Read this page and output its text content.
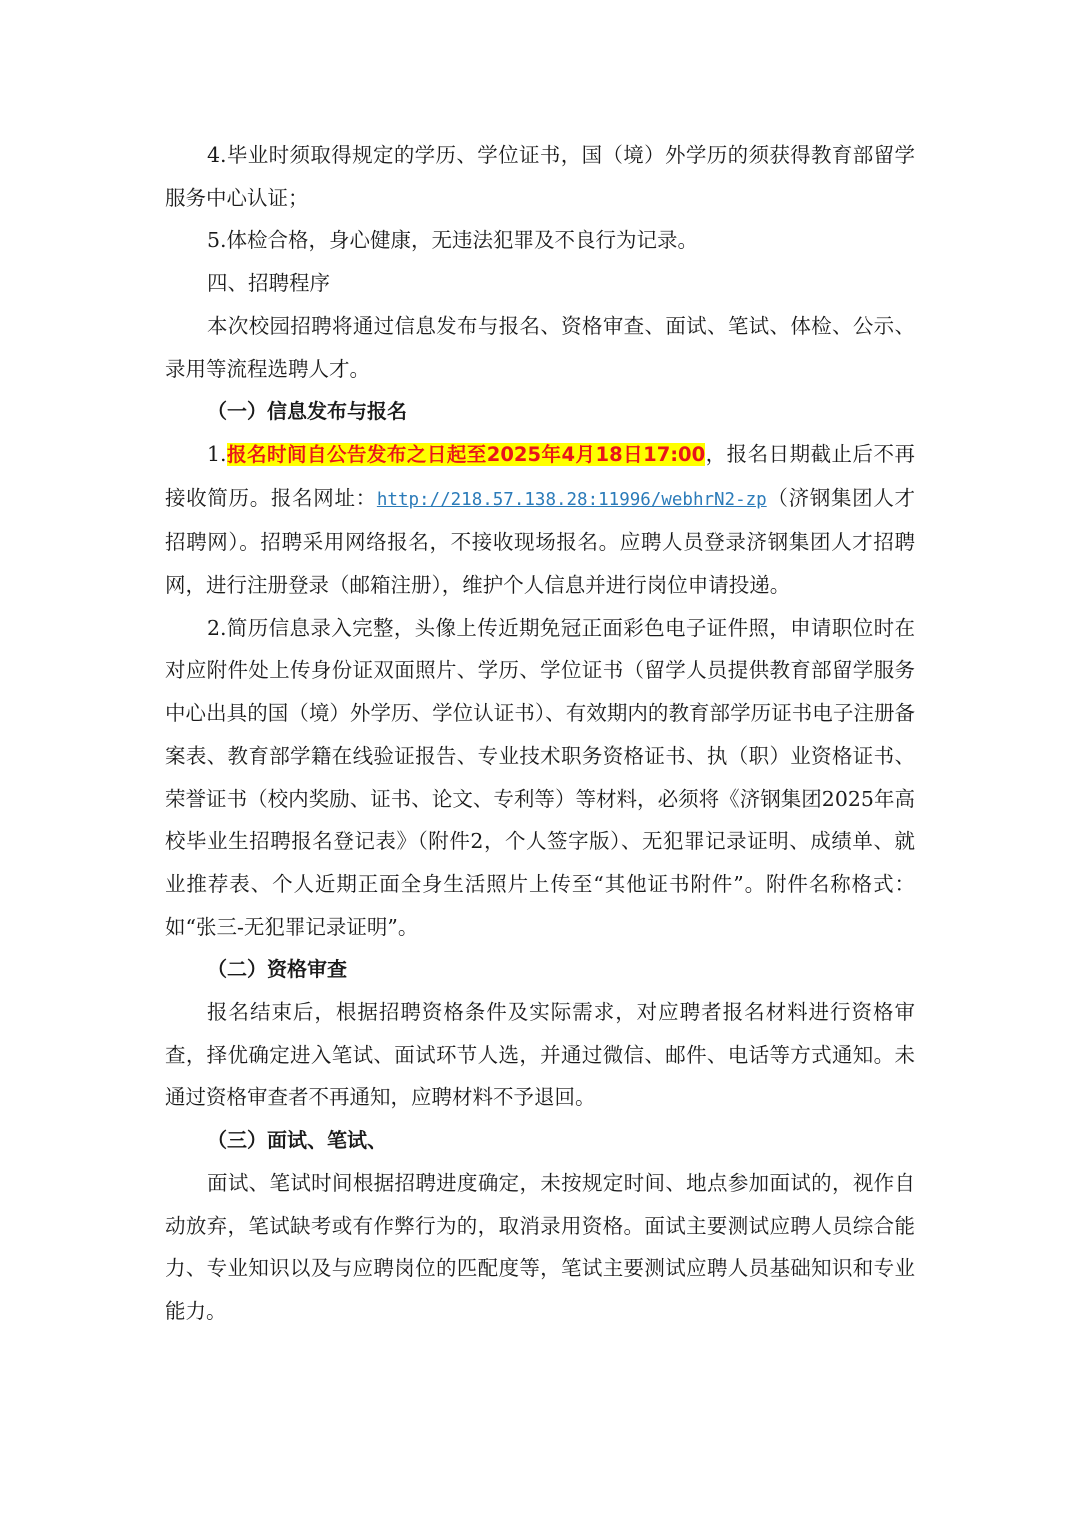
4.毕业时须取得规定的学历、学位证书，国（境）外学历的须获得教育部留学服务中心认证；

5.体检合格，身心健康，无违法犯罪及不良行为记录。

四、招聘程序

本次校园招聘将通过信息发布与报名、资格审查、面试、笔试、体检、公示、录用等流程选聘人才。

（一）信息发布与报名

1.报名时间自公告发布之日起至2025年4月18日17:00，报名日期截止后不再接收简历。报名网址：http://218.57.138.28:11996/webhrN2-zp（济钢集团人才招聘网）。招聘采用网络报名，不接收现场报名。应聘人员登录济钢集团人才招聘网，进行注册登录（邮箱注册），维护个人信息并进行岗位申请投递。

2.简历信息录入完整，头像上传近期免冠正面彩色电子证件照，申请职位时在对应附件处上传身份证双面照片、学历、学位证书（留学人员提供教育部留学服务中心出具的国（境）外学历、学位认证书）、有效期内的教育部学历证书电子注册备案表、教育部学籍在线验证报告、专业技术职务资格证书、执（职）业资格证书、荣誉证书（校内奖励、证书、论文、专利等）等材料，必须将《济钢集团2025年高校毕业生招聘报名登记表》（附件2，个人签字版）、无犯罪记录证明、成绩单、就业推荐表、个人近期正面全身生活照片上传至“其他证书附件”。附件名称格式：如“张三-无犯罪记录证明”。

（二）资格审查

报名结束后，根据招聘资格条件及实际需求，对应聘者报名材料进行资格审查，择优确定进入笔试、面试环节人选，并通过微信、邮件、电话等方式通知。未通过资格审查者不再通知，应聘材料不予退回。

（三）面试、笔试、

面试、笔试时间根据招聘进度确定，未按规定时间、地点参加面试的，视作自动放弃，笔试缺考或有作弊行为的，取消录用资格。面试主要测试应聘人员综合能力、专业知识以及与应聘岗位的匹配度等，笔试主要测试应聘人员基础知识和专业能力。
